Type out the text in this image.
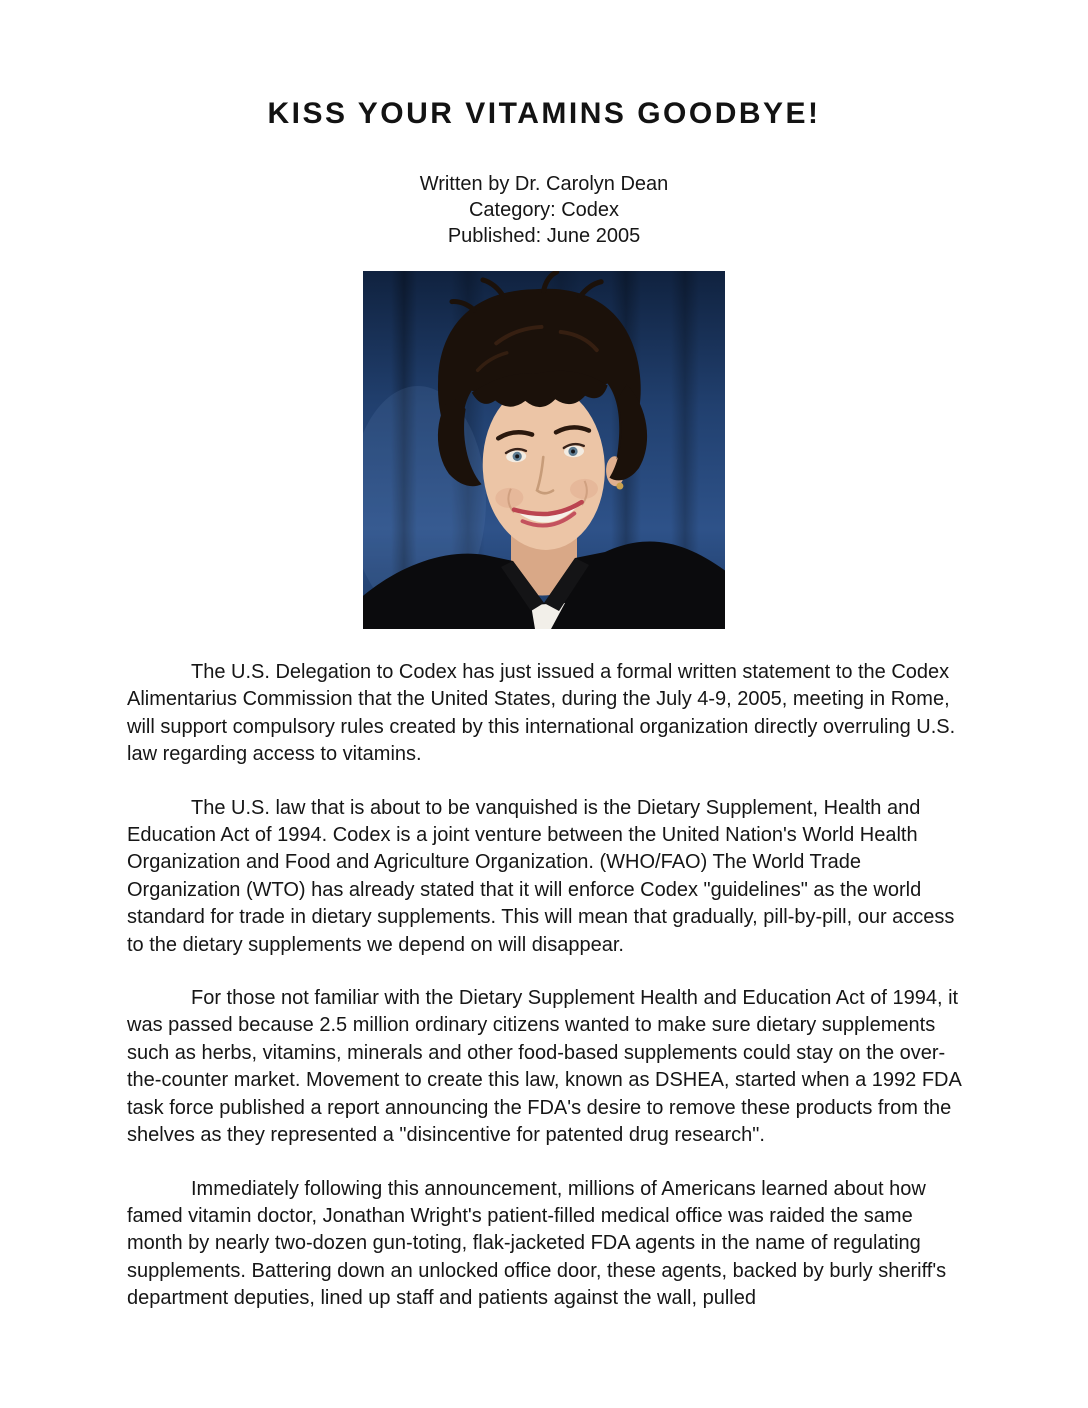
KISS YOUR VITAMINS GOODBYE!
Written by Dr. Carolyn Dean
Category: Codex
Published: June 2005

The U.S. Delegation to Codex has just issued a formal written statement to the Codex Alimentarius Commission that the United States, during the July 4-9, 2005, meeting in Rome, will support compulsory rules created by this international organization directly overruling U.S. law regarding access to vitamins.

The U.S. law that is about to be vanquished is the Dietary Supplement, Health and Education Act of 1994. Codex is a joint venture between the United Nation's World Health Organization and Food and Agriculture Organization. (WHO/FAO) The World Trade Organization (WTO) has already stated that it will enforce Codex "guidelines" as the world standard for trade in dietary supplements. This will mean that gradually, pill-by-pill, our access to the dietary supplements we depend on will disappear.

For those not familiar with the Dietary Supplement Health and Education Act of 1994, it was passed because 2.5 million ordinary citizens wanted to make sure dietary supplements such as herbs, vitamins, minerals and other food-based supplements could stay on the over-the-counter market. Movement to create this law, known as DSHEA, started when a 1992 FDA task force published a report announcing the FDA's desire to remove these products from the shelves as they represented a "disincentive for patented drug research".

Immediately following this announcement, millions of Americans learned about how famed vitamin doctor, Jonathan Wright's patient-filled medical office was raided the same month by nearly two-dozen gun-toting, flak-jacketed FDA agents in the name of regulating supplements. Battering down an unlocked office door, these agents, backed by burly sheriff's department deputies, lined up staff and patients against the wall, pulled
